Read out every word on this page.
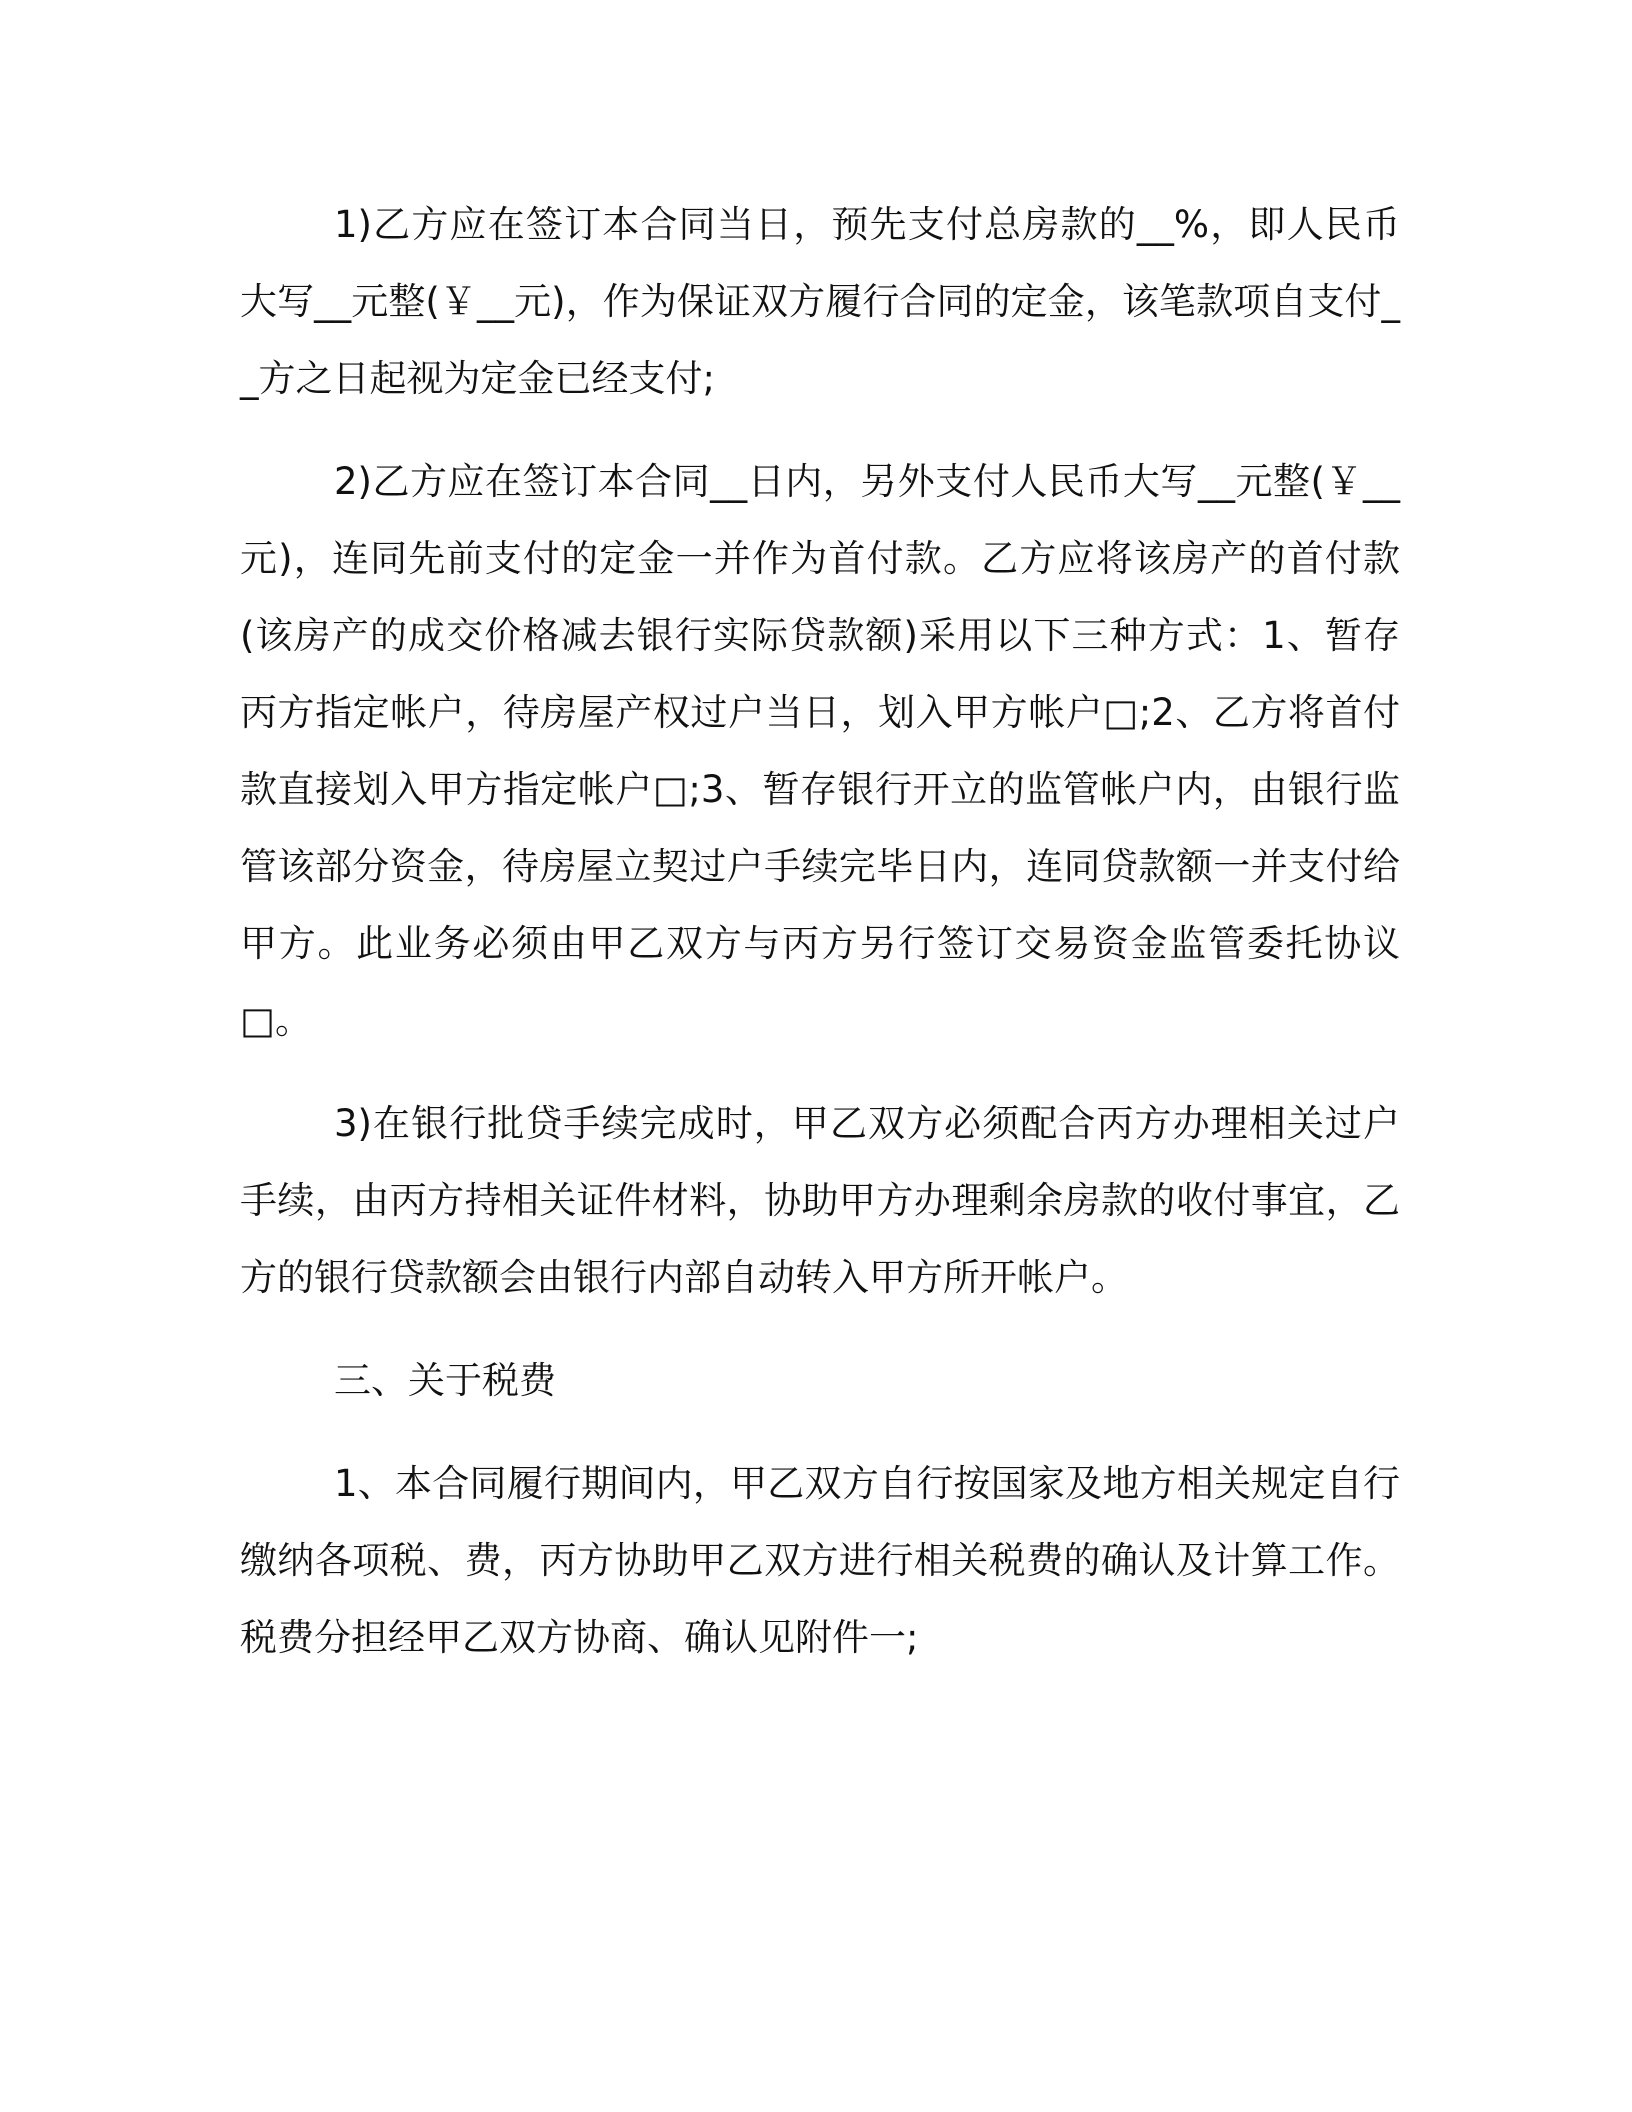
1)乙方应在签订本合同当日，预先支付总房款的__%，即人民币大写__元整(￥__元)，作为保证双方履行合同的定金，该笔款项自支付__方之日起视为定金已经支付;

2)乙方应在签订本合同__日内，另外支付人民币大写__元整(￥__元)，连同先前支付的定金一并作为首付款。乙方应将该房产的首付款(该房产的成交价格减去银行实际贷款额)采用以下三种方式：1、暂存丙方指定帐户，待房屋产权过户当日，划入甲方帐户□;2、乙方将首付款直接划入甲方指定帐户□;3、暂存银行开立的监管帐户内，由银行监管该部分资金，待房屋立契过户手续完毕日内，连同贷款额一并支付给甲方。此业务必须由甲乙双方与丙方另行签订交易资金监管委托协议□。

3)在银行批贷手续完成时，甲乙双方必须配合丙方办理相关过户手续，由丙方持相关证件材料，协助甲方办理剩余房款的收付事宜，乙方的银行贷款额会由银行内部自动转入甲方所开帐户。

三、关于税费

1、本合同履行期间内，甲乙双方自行按国家及地方相关规定自行缴纳各项税、费，丙方协助甲乙双方进行相关税费的确认及计算工作。税费分担经甲乙双方协商、确认见附件一;
